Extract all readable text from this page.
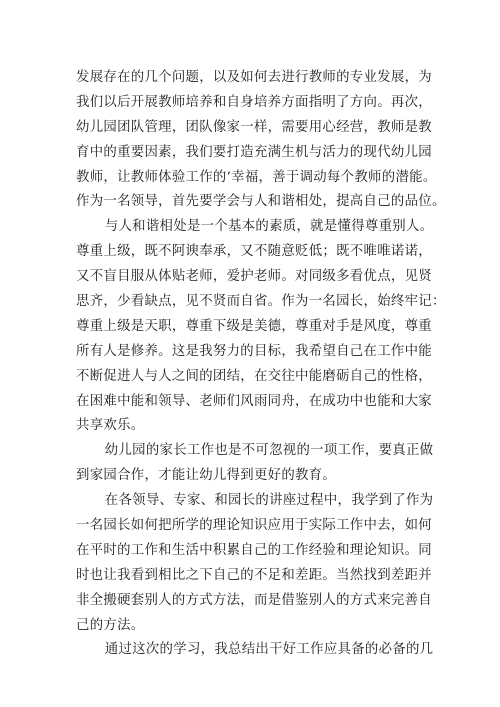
发展存在的几个问题，以及如何去进行教师的专业发展，为
我们以后开展教师培养和自身培养方面指明了方向。再次，
幼儿园团队管理，团队像家一样，需要用心经营，教师是教
育中的重要因素，我们要打造充满生机与活力的现代幼儿园
教师，让教师体验工作的’幸福，善于调动每个教师的潜能。
作为一名领导，首先要学会与人和谐相处，提高自己的品位。
与人和谐相处是一个基本的素质，就是懂得尊重别人。
尊重上级，既不阿谀奉承，又不随意贬低；既不唯唯诺诺，
又不盲目服从体贴老师，爱护老师。对同级多看优点，见贤
思齐，少看缺点，见不贤而自省。作为一名园长，始终牢记：
尊重上级是天职，尊重下级是美德，尊重对手是风度，尊重
所有人是修养。这是我努力的目标，我希望自己在工作中能
不断促进人与人之间的团结，在交往中能磨砺自己的性格，
在困难中能和领导、老师们风雨同舟，在成功中也能和大家
共享欢乐。
幼儿园的家长工作也是不可忽视的一项工作，要真正做
到家园合作，才能让幼儿得到更好的教育。
在各领导、专家、和园长的讲座过程中，我学到了作为
一名园长如何把所学的理论知识应用于实际工作中去，如何
在平时的工作和生活中积累自己的工作经验和理论知识。同
时也让我看到相比之下自己的不足和差距。当然找到差距并
非全搬硬套别人的方式方法，而是借鉴别人的方式来完善自
己的方法。
通过这次的学习，我总结出干好工作应具备的必备的几
